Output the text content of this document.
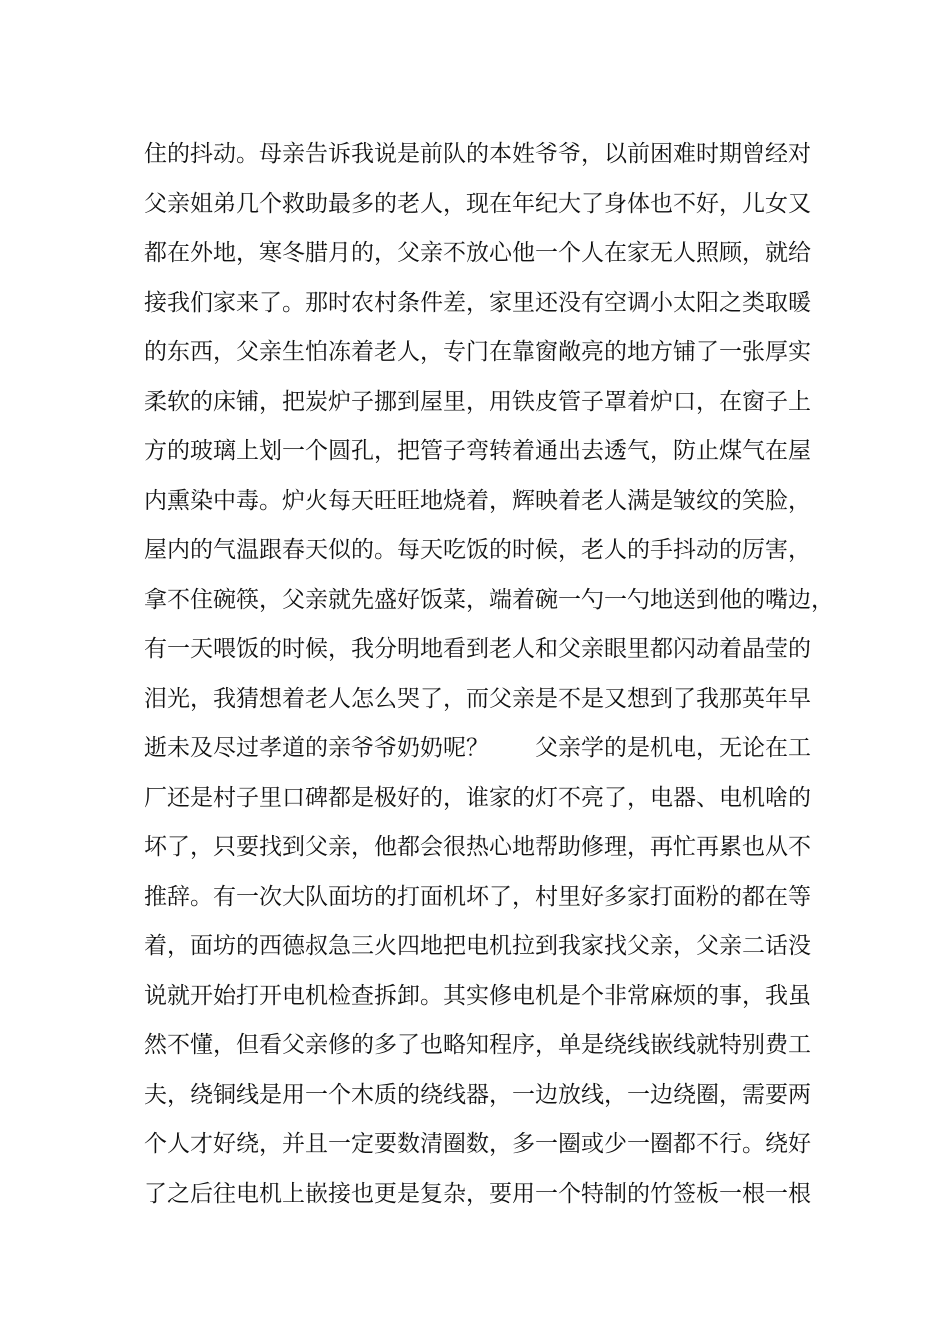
住的抖动。母亲告诉我说是前队的本姓爷爷，以前困难时期曾经对
父亲姐弟几个救助最多的老人，现在年纪大了身体也不好，儿女又
都在外地，寒冬腊月的，父亲不放心他一个人在家无人照顾，就给
接我们家来了。那时农村条件差，家里还没有空调小太阳之类取暖
的东西，父亲生怕冻着老人，专门在靠窗敞亮的地方铺了一张厚实
柔软的床铺，把炭炉子挪到屋里，用铁皮管子罩着炉口，在窗子上
方的玻璃上划一个圆孔，把管子弯转着通出去透气，防止煤气在屋
内熏染中毒。炉火每天旺旺地烧着，辉映着老人满是皱纹的笑脸，
屋内的气温跟春天似的。每天吃饭的时候，老人的手抖动的厉害，
拿不住碗筷，父亲就先盛好饭菜，端着碗一勺一勺地送到他的嘴边，
有一天喂饭的时候，我分明地看到老人和父亲眼里都闪动着晶莹的
泪光，我猜想着老人怎么哭了，而父亲是不是又想到了我那英年早
逝未及尽过孝道的亲爷爷奶奶呢？　　父亲学的是机电，无论在工
厂还是村子里口碑都是极好的，谁家的灯不亮了，电器、电机啥的
坏了，只要找到父亲，他都会很热心地帮助修理，再忙再累也从不
推辞。有一次大队面坊的打面机坏了，村里好多家打面粉的都在等
着，面坊的西德叔急三火四地把电机拉到我家找父亲，父亲二话没
说就开始打开电机检查拆卸。其实修电机是个非常麻烦的事，我虽
然不懂，但看父亲修的多了也略知程序，单是绕线嵌线就特别费工
夫，绕铜线是用一个木质的绕线器，一边放线，一边绕圈，需要两
个人才好绕，并且一定要数清圈数，多一圈或少一圈都不行。绕好
了之后往电机上嵌接也更是复杂，要用一个特制的竹签板一根一根
